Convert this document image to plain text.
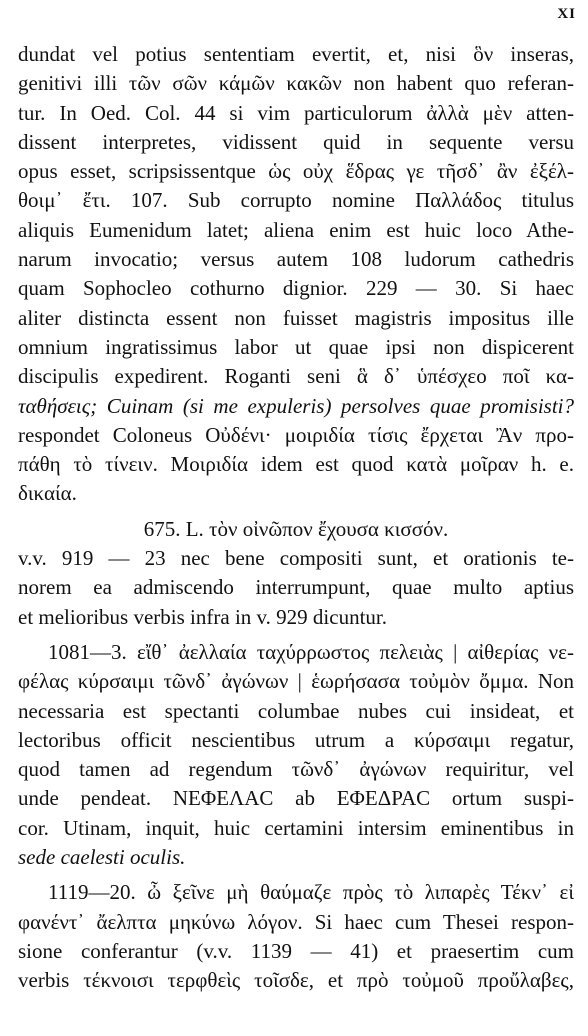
XI
dundat vel potius sententiam evertit, et, nisi ὃν inseras,
genitivi illi τῶν σῶν κάμῶν κακῶν non habent quo referan-
tur. In Oed. Col. 44 si vim particulorum ἀλλὰ μὲν atten-
dissent interpretes, vidissent quid in sequente versu
opus esset, scripsissentque ὡς οὐχ ἕδρας γε τῆσδ᾽ ἂν ἐξέλ-
θοιμ᾽ ἔτι. 107. Sub corrupto nomine Παλλάδος titulus
aliquis Eumenidum latet; aliena enim est huic loco Athe-
narum invocatio; versus autem 108 ludorum cathedris
quam Sophocleo cothurno dignior. 229 — 30. Si haec
aliter distincta essent non fuisset magistris impositus ille
omnium ingratissimus labor ut quae ipsi non dispicerent
discipulis expedirent. Roganti seni ἃ δ᾽ ὑπέσχεο ποῖ κα-
ταθήσεις; Cuinam (si me expuleris) persolves quae promisisti?
respondet Coloneus Οὐδένι· μοιριδία τίσις ἔρχεται Ἂν προ-
πάθη τὸ τίνειν. Μοιριδία idem est quod κατὰ μοῖραν h. e.
δικαία.
675. L. τὸν οἰνῶπον ἔχουσα κισσόν.
v.v. 919 — 23 nec bene compositi sunt, et orationis te-
norem ea admiscendo interrumpunt, quae multo aptius
et melioribus verbis infra in v. 929 dicuntur.
1081—3. εἴθ᾽ ἀελλαία ταχύρρωστος πελειὰς | αἰθερίας νε-
φέλας κύρσαιμι τῶνδ᾽ ἀγώνων | ἑωρήσασα τοὐμὸν ὄμμα. Non
necessaria est spectanti columbae nubes cui insideat, et
lectoribus officit nescientibus utrum a κύρσαιμι regatur,
quod tamen ad regendum τῶνδ᾽ ἀγώνων requiritur, vel
unde pendeat. ΝΕΦΕΛΑC ab ΕΦΕΔΡΑC ortum suspi-
cor. Utinam, inquit, huic certamini intersim eminentibus in
sede caelesti oculis.
1119—20. ὦ ξεῖνε μὴ θαύμαζε πρὸς τὸ λιπαρὲς Τέκν᾽ εἰ
φανέντ᾽ ἄελπτα μηκύνω λόγον. Si haec cum Thesei respon-
sione conferantur (v.v. 1139 — 41) et praesertim cum
verbis τέκνοισι τερφθεὶς τοῖσδε, et πρὸ τοὐμοῦ προὔλαβες,
